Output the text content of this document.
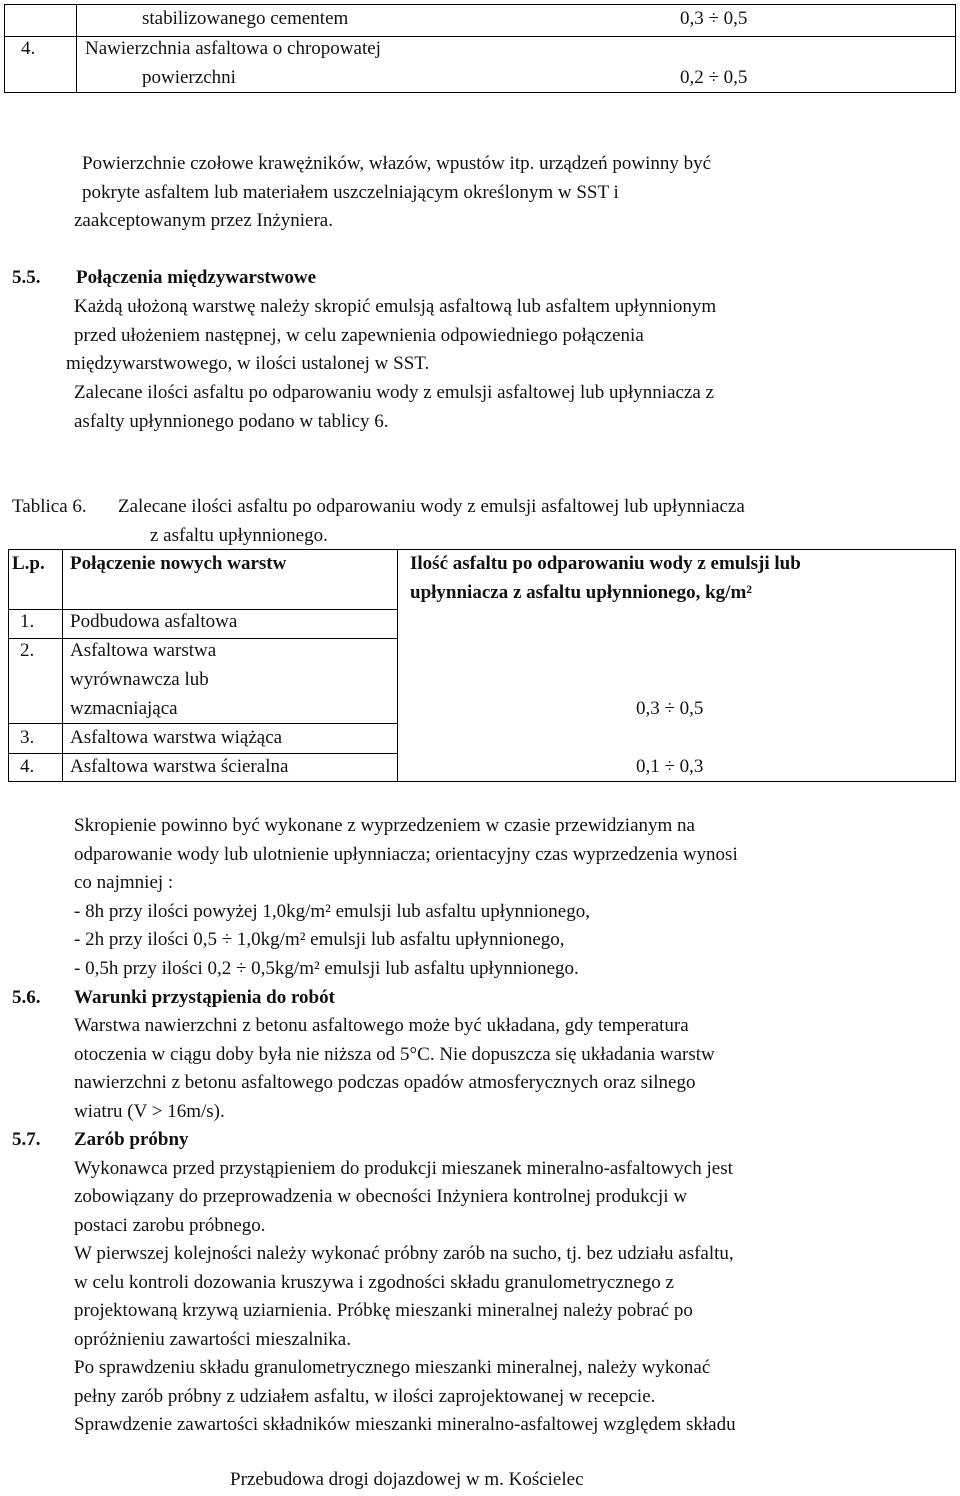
stabilizowanego cementem	0,3 ÷ 0,5
4.	Nawierzchnia asfaltowa o chropowatej
powierzchni	0,2 ÷ 0,5
Powierzchnie czołowe krawężników, włazów, wpustów itp. urządzeń powinny być
pokryte asfaltem lub materiałem uszczelniającym określonym w SST i
zaakceptowanym przez Inżyniera.
5.5. Połączenia międzywarstwowe
Każdą ułożoną warstwę należy skropić emulsją asfaltową lub asfaltem upłynnionym
przed ułożeniem następnej, w celu zapewnienia odpowiedniego połączenia
międzywarstwowego, w ilości ustalonej w SST.
Zalecane ilości asfaltu po odparowaniu wody z emulsji asfaltowej lub upłynniacza z
asfalty upłynnionego podano w tablicy 6.
Tablica 6. Zalecane ilości asfaltu po odparowaniu wody z emulsji asfaltowej lub upłynniacza
z asfaltu upłynnionego.
L.p. Połączenie nowych warstw	Ilość asfaltu po odparowaniu wody z emulsji lub
upłynniacza z asfaltu upłynnionego, kg/m²
1. Podbudowa asfaltowa
2. Asfaltowa warstwa
wyrównawcza lub
wzmacniająca	0,3 ÷ 0,5
3. Asfaltowa warstwa wiążąca
4. Asfaltowa warstwa ścieralna	0,1 ÷ 0,3
Skropienie powinno być wykonane z wyprzedzeniem w czasie przewidzianym na
odparowanie wody lub ulotnienie upłynniacza; orientacyjny czas wyprzedzenia wynosi
co najmniej :
- 8h przy ilości powyżej 1,0kg/m² emulsji lub asfaltu upłynnionego,
- 2h przy ilości 0,5 ÷ 1,0kg/m² emulsji lub asfaltu upłynnionego,
- 0,5h przy ilości 0,2 ÷ 0,5kg/m² emulsji lub asfaltu upłynnionego.
5.6. Warunki przystąpienia do robót
Warstwa nawierzchni z betonu asfaltowego może być układana, gdy temperatura
otoczenia w ciągu doby była nie niższa od 5°C. Nie dopuszcza się układania warstw
nawierzchni z betonu asfaltowego podczas opadów atmosferycznych oraz silnego
wiatru (V > 16m/s).
5.7. Zarób próbny
Wykonawca przed przystąpieniem do produkcji mieszanek mineralno-asfaltowych jest
zobowiązany do przeprowadzenia w obecności Inżyniera kontrolnej produkcji w
postaci zarobu próbnego.
W pierwszej kolejności należy wykonać próbny zarób na sucho, tj. bez udziału asfaltu,
w celu kontroli dozowania kruszywa i zgodności składu granulometrycznego z
projektowaną krzywą uziarnienia. Próbkę mieszanki mineralnej należy pobrać po
opróżnieniu zawartości mieszalnika.
Po sprawdzeniu składu granulometrycznego mieszanki mineralnej, należy wykonać
pełny zarób próbny z udziałem asfaltu, w ilości zaprojektowanej w recepcie.
Sprawdzenie zawartości składników mieszanki mineralno-asfaltowej względem składu
Przebudowa drogi dojazdowej w m. Kościelec
